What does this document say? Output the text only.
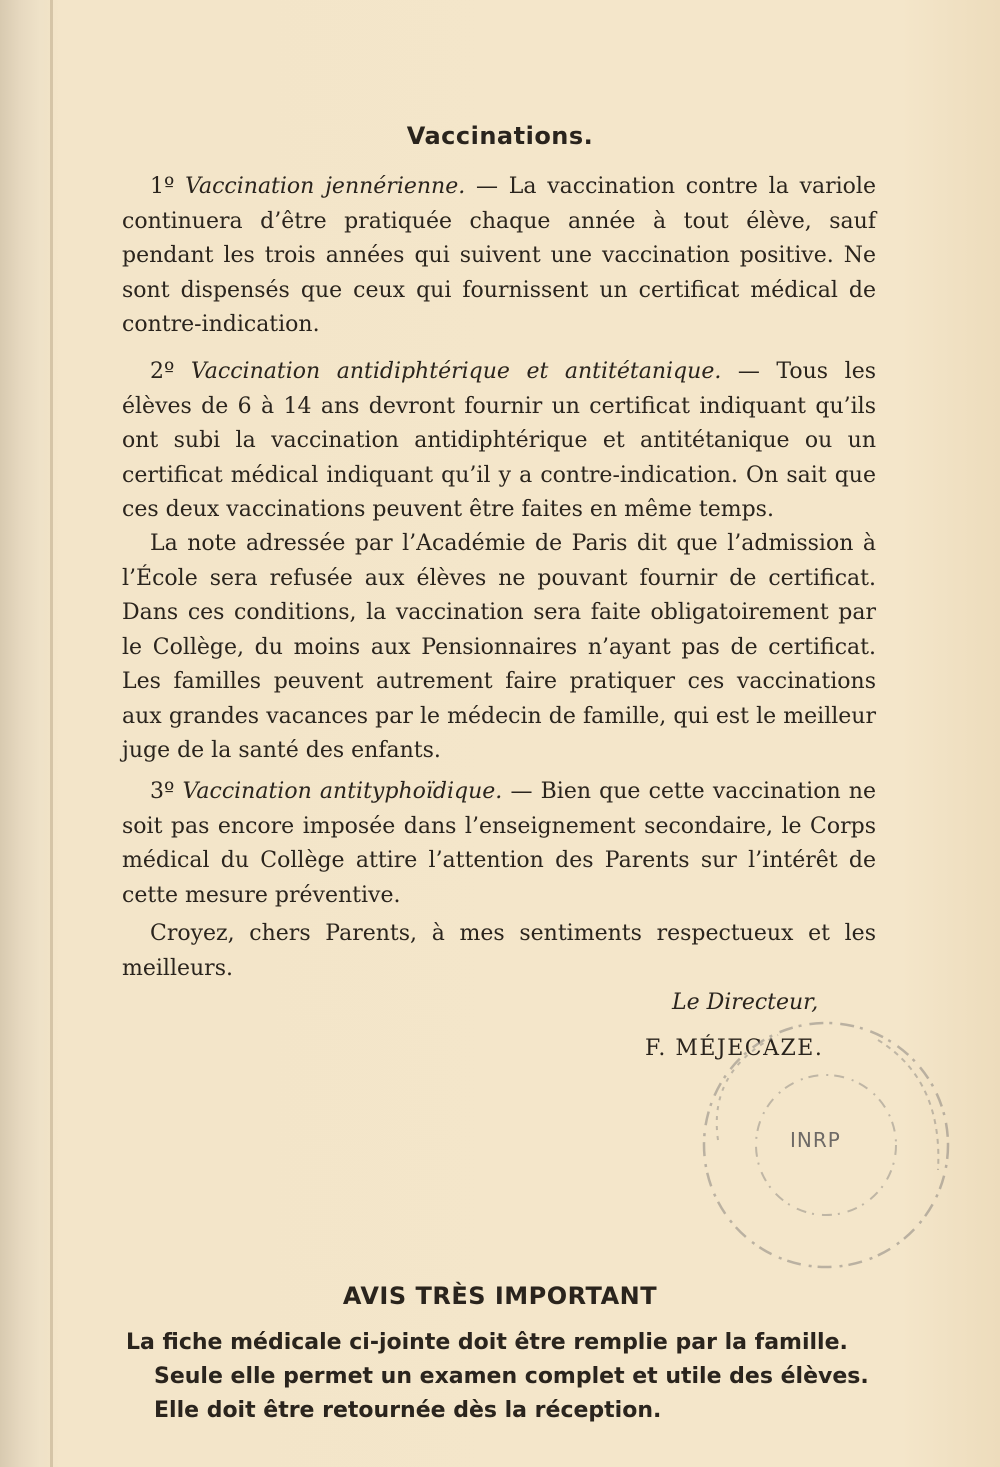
Vaccinations.

1º Vaccination jennérienne. — La vaccination contre la variole continuera d’être pratiquée chaque année à tout élève, sauf pendant les trois années qui suivent une vaccination positive. Ne sont dispensés que ceux qui fournissent un certificat médical de contre-indication.

2º Vaccination antidiphtérique et antitétanique. — Tous les élèves de 6 à 14 ans devront fournir un certificat indiquant qu’ils ont subi la vaccination antidiphtérique et antitétanique ou un certificat médical indiquant qu’il y a contre-indication. On sait que ces deux vaccinations peuvent être faites en même temps.

La note adressée par l’Académie de Paris dit que l’admission à l’École sera refusée aux élèves ne pouvant fournir de certificat. Dans ces conditions, la vaccination sera faite obligatoirement par le Collège, du moins aux Pensionnaires n’ayant pas de certificat. Les familles peuvent autrement faire pratiquer ces vaccinations aux grandes vacances par le médecin de famille, qui est le meilleur juge de la santé des enfants.

3º Vaccination antityphoïdique. — Bien que cette vaccination ne soit pas encore imposée dans l’enseignement secondaire, le Corps médical du Collège attire l’attention des Parents sur l’intérêt de cette mesure préventive.

Croyez, chers Parents, à mes sentiments respectueux et les meilleurs.

Le Directeur,
F. MÉJECAZE.
INRP
AVIS TRÈS IMPORTANT
La fiche médicale ci-jointe doit être remplie par la famille.
Seule elle permet un examen complet et utile des élèves.
Elle doit être retournée dès la réception.
